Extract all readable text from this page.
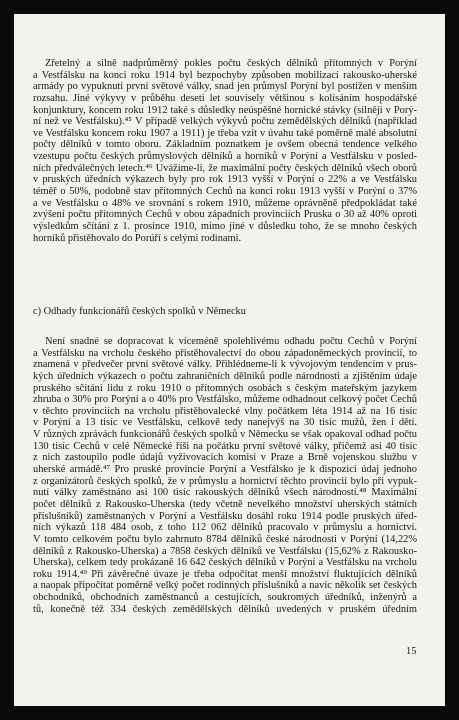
Zřetelný a silně nadprůměrný pokles počtu českých dělníků přítomných v Porýní
a Vestfálsku na konci roku 1914 byl bezpochyby způsoben mobilizací rakousko-uherské
armády po vypuknutí první světové války, snad jen průmysl Porýní byl postižen v menším
rozsahu. Jiné výkyvy v průběhu deseti let souvisely většinou s kolísáním hospodářské
konjunktury, koncem roku 1912 také s důsledky neúspěšné hornické stávky (silněji v Porý-
ní než ve Vestfálsku).⁴⁵ V případě velkých výkyvů počtu zemědělských dělníků (například
ve Vestfálsku koncem roku 1907 a 1911) je třeba vzít v úvahu také poměrně malé absolutní
počty dělníků v tomto oboru. Základním poznatkem je ovšem obecná tendence velkého
vzestupu počtu českých průmyslových dělníků a horníků v Porýní a Vestfálsku v posled-
ních předválečných letech.⁴⁶ Uvážíme-li, že maximální počty českých dělníků všech oborů
v pruských úředních výkazech byly pro rok 1913 vyšší v Porýní o 22% a ve Vestfálsku
téměř o 50%, podobně stav přítomných Čechů na konci roku 1913 vyšší v Porýní o 37%
a ve Vestfálsku o 48% ve srovnání s rokem 1910, můžeme oprávněně předpokládat také
zvýšení počtu přítomných Čechů v obou západních provinciích Pruska o 30 až 40% oproti
výsledkům sčítání z 1. prosince 1910, mimo jiné v důsledku toho, že se mnoho českých
horníků přistěhovalo do Porúří s celými rodinami.

c) Odhady funkcionářů českých spolků v Německu

Není snadné se dopracovat k víceméně spolehlivému odhadu počtu Čechů v Porýní
a Vestfálsku na vrcholu českého přistěhovalectví do obou západoněmeckých provincií, to
znamená v předvečer první světové války. Přihlédneme-li k vývojovým tendencím v prus-
kých úředních výkazech o počtu zahraničních dělníků podle národnosti a zjištěním údaje
pruského sčítání lidu z roku 1910 o přítomných osobách s českým mateřským jazykem
zhruba o 30% pro Porýní a o 40% pro Vestfálsko, můžeme odhadnout celkový počet Čechů
v těchto provinciích na vrcholu přistěhovalecké vlny počátkem léta 1914 až na 16 tisíc
v Porýní a 13 tisíc ve Vestfálsku, celkově tedy nanejvýš na 30 tisíc mužů, žen i dětí.
V různých zprávách funkcionářů českých spolků v Německu se však opakoval odhad počtu
130 tisíc Čechů v celé Německé říši na počátku první světové války, přičemž asi 40 tisíc
z nich zastoupilo podle údajů vyživovacích komisí v Praze a Brně vojenskou službu v
uherské armádě.⁴⁷ Pro pruské provincie Porýní a Vestfálsko je k dispozici údaj jednoho
z organizátorů českých spolků, že v průmyslu a hornictví těchto provincií bylo při vypuk-
nutí války zaměstnáno asi 100 tisíc rakouských dělníků všech národností.⁴⁸ Maximální
počet dělníků z Rakousko-Uherska (tedy včetně nevelkého množství uherských státních
příslušníků) zaměstnaných v Porýní a Vestfálsku dosáhl roku 1914 podle pruských úřed-
ních výkazů 118 484 osob, z toho 112 062 dělníků pracovalo v průmyslu a hornictví.
V tomto celkovém počtu bylo zahrnuto 8784 dělníků české národnosti v Porýní (14,22%
dělníků z Rakousko-Uherska) a 7858 českých dělníků ve Vestfálsku (15,62% z Rakousko-
Uherska), celkem tedy prokázaně 16 642 českých dělníků v Porýní a Vestfálsku na vrcholu
roku 1914.⁴⁹ Při závěrečné úvaze je třeba odpočítat menší množství fluktujících dělníků
a naopak připočítat poměrně velký počet rodinných příslušníků a navíc několik set českých
obchodníků, obchodních zaměstnanců a cestujících, soukromých úředníků, inženýrů a
tů, konečně též 334 českých zemědělských dělníků uvedených v pruském úředním
15
